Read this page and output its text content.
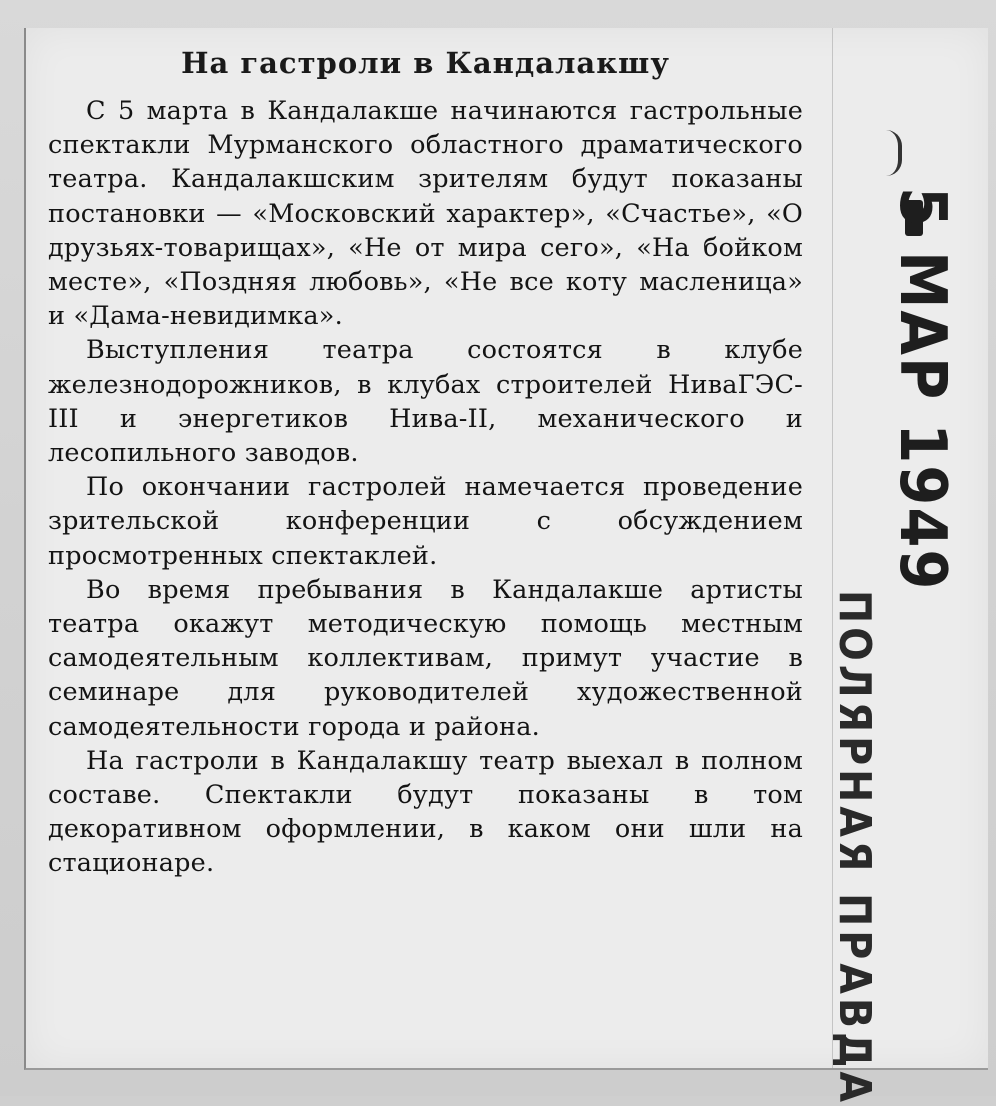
На гастроли в Кандалакшу

С 5 марта в Кандалакше начинаются гастрольные спектакли Мурманского областного драматического театра. Кандалакшским зрителям будут показаны постановки — «Московский характер», «Счастье», «О друзьях-товарищах», «Не от мира сего», «На бойком месте», «Поздняя любовь», «Не все коту масленица» и «Дама-невидимка».

Выступления театра состоятся в клубе железнодорожников, в клубах строителей НиваГЭС-III и энергетиков Нива-II, механического и лесопильного заводов.

По окончании гастролей намечается проведение зрительской конференции с обсуждением просмотренных спектаклей.

Во время пребывания в Кандалакше артисты театра окажут методическую помощь местным самодеятельным коллективам, примут участие в семинаре для руководителей художественной самодеятельности города и района.

На гастроли в Кандалакшу театр выехал в полном составе. Спектакли будут показаны в том декоративном оформлении, в каком они шли на стационаре.

5 МАР 1949
ПОЛЯРНАЯ ПРАВДА
